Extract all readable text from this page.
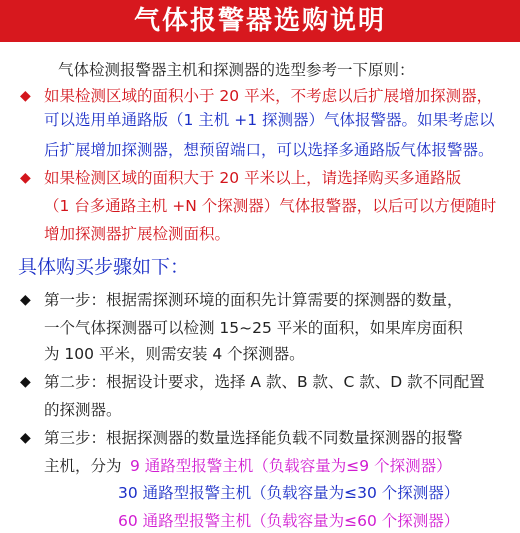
气体报警器选购说明
气体检测报警器主机和探测器的选型参考一下原则：
◆ 如果检测区域的面积小于 20 平米，不考虑以后扩展增加探测器，
可以选用单通路版（1 主机 +1 探测器）气体报警器。 如果考虑以
后扩展增加探测器，想预留端口，可以选择多通路版气体报警器。
◆ 如果检测区域的面积大于 20 平米以上，请选择购买多通路版
（1 台多通路主机 +N 个探测器）气体报警器，以后可以方便随时
增加探测器扩展检测面积。
具体购买步骤如下：
◆ 第一步：根据需探测环境的面积先计算需要的探测器的数量，
一个气体探测器可以检测 15~25 平米的面积，如果库房面积
为 100 平米，则需安装 4 个探测器。
◆ 第二步：根据设计要求，选择 A 款、B 款、C 款、D 款不同配置
的探测器。
◆ 第三步：根据探测器的数量选择能负载不同数量探测器的报警
主机，分为 9 通路型报警主机（负载容量为≤9 个探测器）
30 通路型报警主机（负载容量为≤30 个探测器）
60 通路型报警主机（负载容量为≤60 个探测器）
